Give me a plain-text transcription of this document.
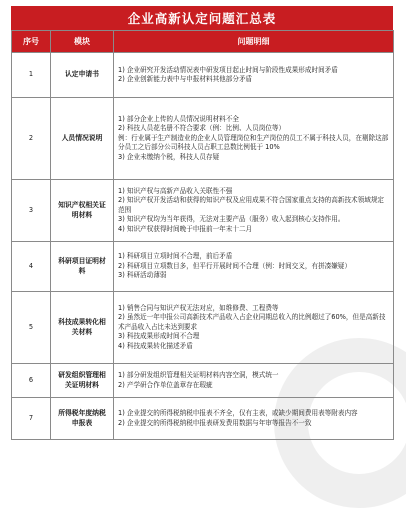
企业高新认定问题汇总表
序号	模块	问题明细
1	认定申请书	1) 企业研究开发活动情况表中研发项目起止时间与阶段性成果形成时间矛盾
2) 企业创新能力表中与申报材料其他部分矛盾

2	人员情况说明	1) 部分企业上传的人员情况说明材料不全
2) 科技人员花名册不符合要求（例：比例、人员岗位等）
例：行业属于生产制造业的企业人员管理岗位和生产岗位的员工不属于科技人员，在剔除这部分员工之后部分公司科技人员占职工总数比例低于 10%
3) 企业未缴纳个税，科技人员存疑

3	知识产权相关证明材料	1) 知识产权与高新产品收入关联性不强
2) 知识产权开发活动和获得的知识产权及应用成果不符合国家重点支持的高新技术领域规定范围
3) 知识产权均为当年获得，无法对主要产品（服务）收入起到核心支持作用。
4) 知识产权获得时间晚于申报前一年末十二月

4	科研项目证明材料	1) 科研项目立项时间不合理，前后矛盾
2) 科研项目立项数目多，但平行开展时间不合理（例：时间交叉，有拼凑嫌疑）
3) 科研活动薄弱

5	科技成果转化相关材料	1) 销售合同与知识产权无法对应，如维修费、工程费等
2) 虽然近一年申报公司高新技术产品收入占企业同期总收入的比例超过了60%，但是高新技术产品收入占比未达到要求
3) 科技成果形成时间不合理
4) 科技成果转化描述矛盾

6	研发组织管理相关证明材料	1) 部分研发组织管理相关证明材料内容空洞，模式统一
2) 产学研合作单位盖章存在瑕疵

7	所得税年度纳税申报表	1) 企业提交的所得税纳税申报表不齐全，仅有主表，或缺少期间费用表等附表内容
2) 企业提交的所得税纳税申报表研发费用数据与年审等报告不一致
